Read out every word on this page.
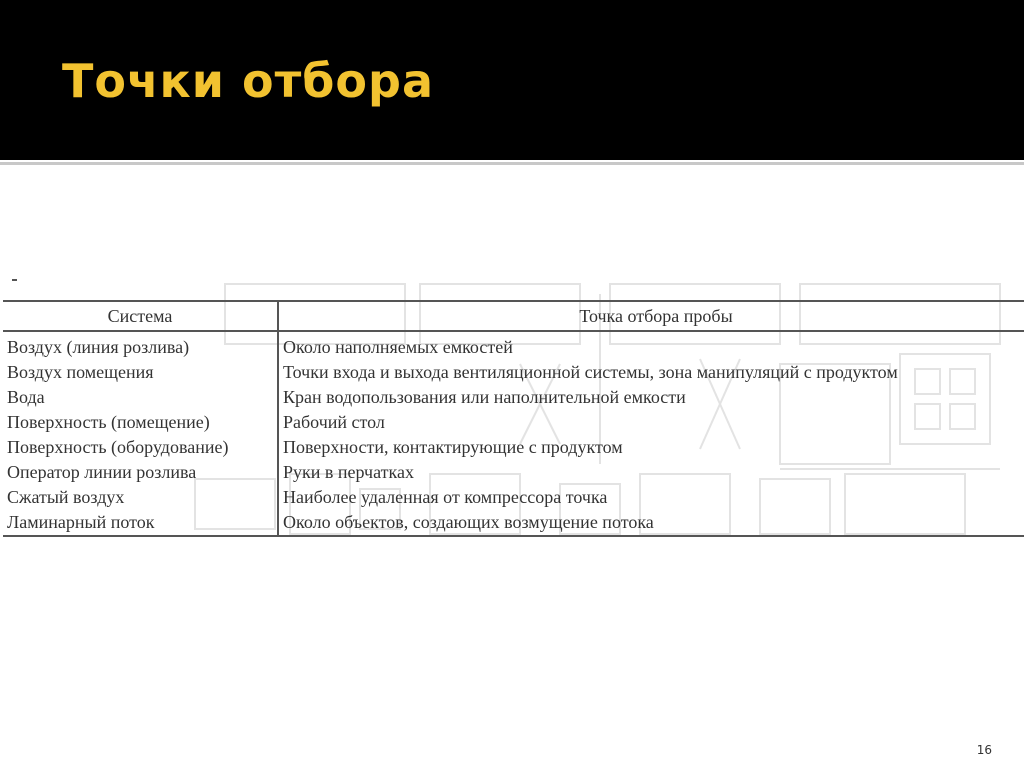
Точки отбора
Система	Точка отбора пробы
Воздух (линия розлива)	Около наполняемых емкостей
Воздух помещения	Точки входа и выхода вентиляционной системы, зона манипуляций с продуктом
Вода	Кран водопользования или наполнительной емкости
Поверхность (помещение)	Рабочий стол
Поверхность (оборудование)	Поверхности, контактирующие с продуктом
Оператор линии розлива	Руки в перчатках
Сжатый воздух	Наиболее удаленная от компрессора точка
Ламинарный поток	Около объектов, создающих возмущение потока
16
